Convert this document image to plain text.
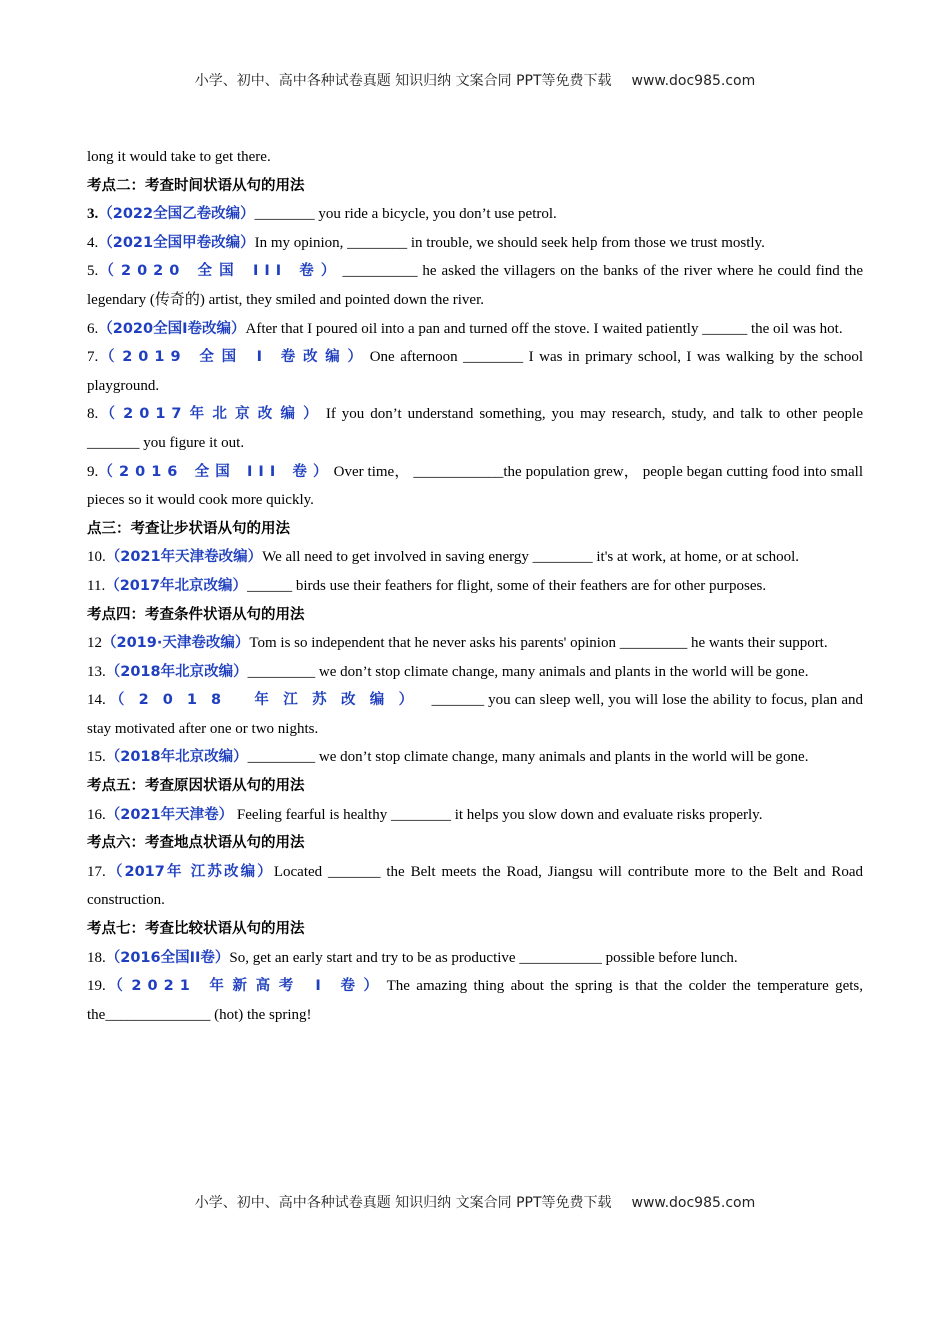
小学、初中、高中各种试卷真题 知识归纳 文案合同 PPT等免费下载 www.doc985.com

long it would take to get there.

考点二：考查时间状语从句的用法

3.（2022全国乙卷改编）________ you ride a bicycle, you don’t use petrol.

4.（2021全国甲卷改编）In my opinion, ________ in trouble, we should seek help from those we trust mostly.

5.（2020 全国 III 卷）__________ he asked the villagers on the banks of the river where he could find the legendary (传奇的) artist, they smiled and pointed down the river.

6.（2020全国I卷改编）After that I poured oil into a pan and turned off the stove. I waited patiently ______ the oil was hot.

7.（2019 全国 I 卷改编）One afternoon ________ I was in primary school, I was walking by the school playground.

8.（2017年北京改编）If you don’t understand something, you may research, study, and talk to other people _______ you figure it out.

9.（2016 全国 III 卷）Over time， ____________the population grew， people began cutting food into small pieces so it would cook more quickly.

点三：考查让步状语从句的用法

10.（2021年天津卷改编）We all need to get involved in saving energy ________ it's at work, at home, or at school.

11.（2017年北京改编）______ birds use their feathers for flight, some of their feathers are for other purposes.

考点四：考查条件状语从句的用法

12（2019·天津卷改编）Tom is so independent that he never asks his parents' opinion _________ he wants their support.

13.（2018年北京改编）_________ we don’t stop climate change, many animals and plants in the world will be gone.

14. （2018 年江苏改编） _______ you can sleep well, you will lose the ability to focus, plan and stay motivated after one or two nights.

15.（2018年北京改编）_________ we don’t stop climate change, many animals and plants in the world will be gone.

考点五：考查原因状语从句的用法

16.（2021年天津卷） Feeling fearful is healthy ________ it helps you slow down and evaluate risks properly.

考点六：考查地点状语从句的用法

17.（2017年 江苏改编）Located _______ the Belt meets the Road, Jiangsu will contribute more to the Belt and Road construction.

考点七：考查比较状语从句的用法

18.（2016全国II卷）So, get an early start and try to be as productive ___________ possible before lunch.

19.（2021 年新高考 I 卷）The amazing thing about the spring is that the colder the temperature gets, the______________ (hot) the spring!

小学、初中、高中各种试卷真题 知识归纳 文案合同 PPT等免费下载 www.doc985.com
